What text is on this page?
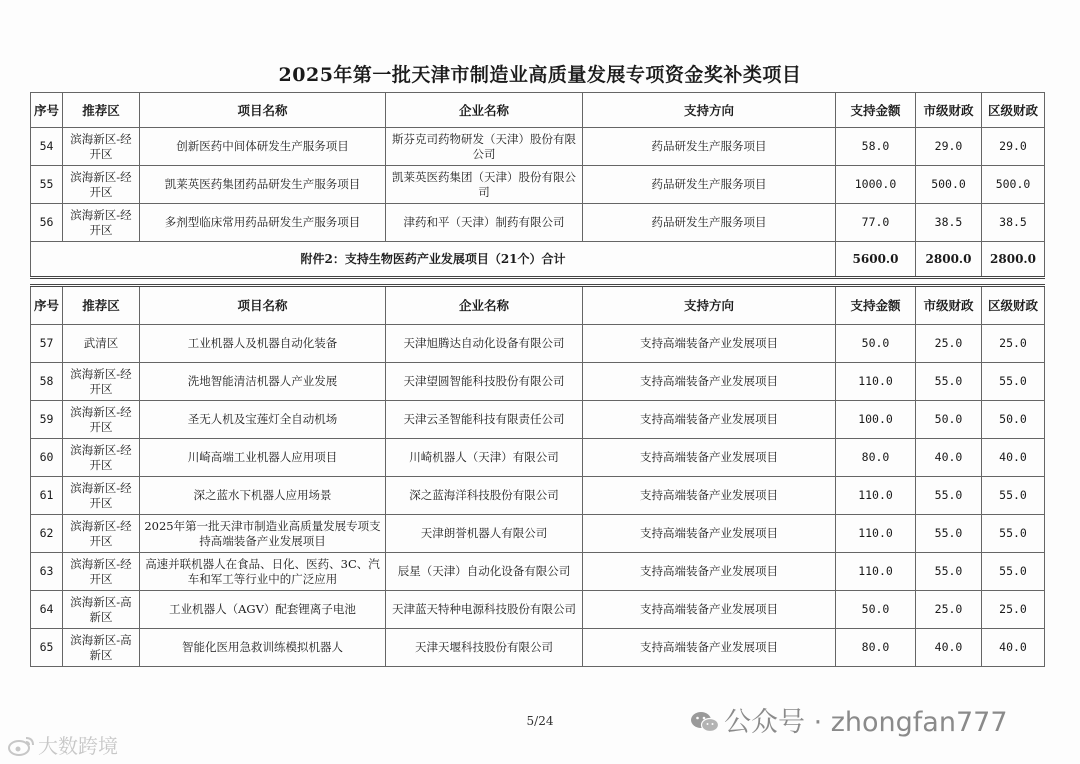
2025年第一批天津市制造业高质量发展专项资金奖补类项目
序号	推荐区	项目名称	企业名称	支持方向	支持金额	市级财政	区级财政
54	滨海新区-经开区	创新医药中间体研发生产服务项目	斯芬克司药物研发（天津）股份有限公司	药品研发生产服务项目	58.0	29.0	29.0
55	滨海新区-经开区	凯莱英医药集团药品研发生产服务项目	凯莱英医药集团（天津）股份有限公司	药品研发生产服务项目	1000.0	500.0	500.0
56	滨海新区-经开区	多剂型临床常用药品研发生产服务项目	津药和平（天津）制药有限公司	药品研发生产服务项目	77.0	38.5	38.5
附件2：支持生物医药产业发展项目（21个）合计					5600.0	2800.0	2800.0
序号	推荐区	项目名称	企业名称	支持方向	支持金额	市级财政	区级财政
57	武清区	工业机器人及机器自动化装备	天津旭腾达自动化设备有限公司	支持高端装备产业发展项目	50.0	25.0	25.0
58	滨海新区-经开区	洗地智能清洁机器人产业发展	天津望圆智能科技股份有限公司	支持高端装备产业发展项目	110.0	55.0	55.0
59	滨海新区-经开区	圣无人机及宝莲灯全自动机场	天津云圣智能科技有限责任公司	支持高端装备产业发展项目	100.0	50.0	50.0
60	滨海新区-经开区	川崎高端工业机器人应用项目	川崎机器人（天津）有限公司	支持高端装备产业发展项目	80.0	40.0	40.0
61	滨海新区-经开区	深之蓝水下机器人应用场景	深之蓝海洋科技股份有限公司	支持高端装备产业发展项目	110.0	55.0	55.0
62	滨海新区-经开区	2025年第一批天津市制造业高质量发展专项支持高端装备产业发展项目	天津朗誉机器人有限公司	支持高端装备产业发展项目	110.0	55.0	55.0
63	滨海新区-经开区	高速并联机器人在食品、日化、医药、3C、汽车和军工等行业中的广泛应用	辰星（天津）自动化设备有限公司	支持高端装备产业发展项目	110.0	55.0	55.0
64	滨海新区-高新区	工业机器人（AGV）配套锂离子电池	天津蓝天特种电源科技股份有限公司	支持高端装备产业发展项目	50.0	25.0	25.0
65	滨海新区-高新区	智能化医用急救训练模拟机器人	天津天堰科技股份有限公司	支持高端装备产业发展项目	80.0	40.0	40.0
5/24	公众号 · zhongfan777
大数跨境
